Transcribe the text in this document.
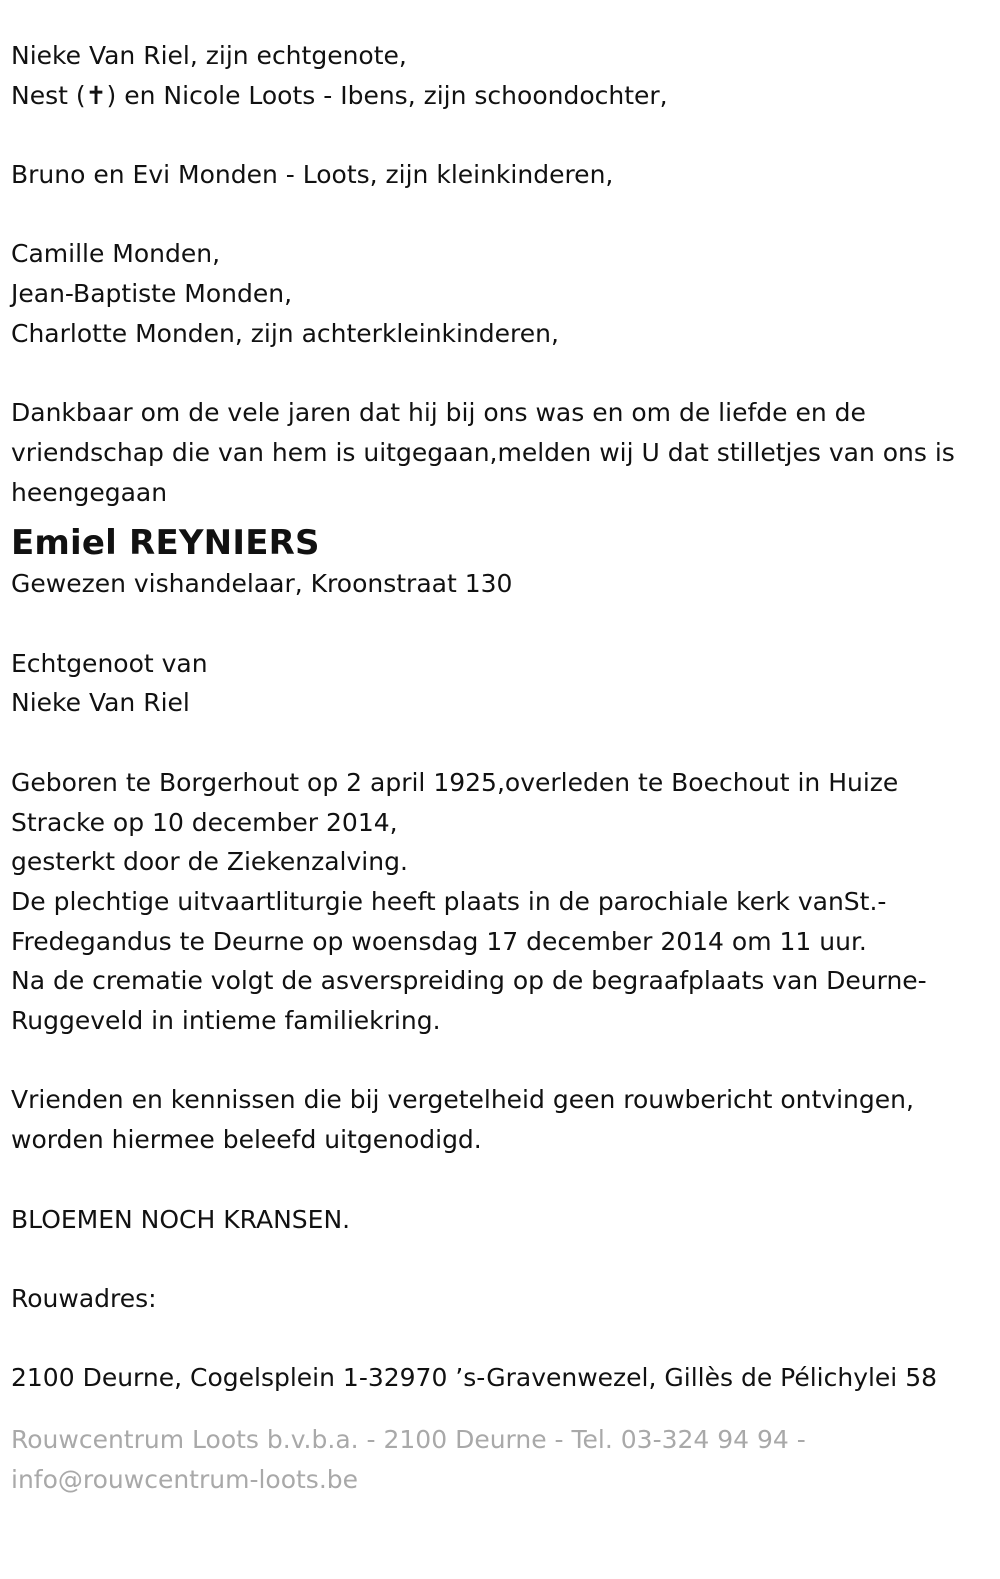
Nieke Van Riel, zijn echtgenote,
Nest (✝) en Nicole Loots - Ibens, zijn schoondochter,
Bruno en Evi Monden - Loots, zijn kleinkinderen,
Camille Monden,
Jean-Baptiste Monden,
Charlotte Monden, zijn achterkleinkinderen,
Dankbaar om de vele jaren dat hij bij ons was en om de liefde en de vriendschap die van hem is uitgegaan,melden wij U dat stilletjes van ons is heengegaan
Emiel REYNIERS
Gewezen vishandelaar, Kroonstraat 130
Echtgenoot van
Nieke Van Riel
Geboren te Borgerhout op 2 april 1925,overleden te Boechout in Huize Stracke op 10 december 2014,
gesterkt door de Ziekenzalving.
De plechtige uitvaartliturgie heeft plaats in de parochiale kerk vanSt.-Fredegandus te Deurne op woensdag 17 december 2014 om 11 uur.
Na de crematie volgt de asverspreiding op de begraafplaats van Deurne-Ruggeveld in intieme familiekring.
Vrienden en kennissen die bij vergetelheid geen rouwbericht ontvingen, worden hiermee beleefd uitgenodigd.
BLOEMEN NOCH KRANSEN.
Rouwadres:
2100 Deurne, Cogelsplein 1-32970 ’s-Gravenwezel, Gillès de Pélichylei 58
Rouwcentrum Loots b.v.b.a. - 2100 Deurne - Tel. 03-324 94 94 - info@rouwcentrum-loots.be
